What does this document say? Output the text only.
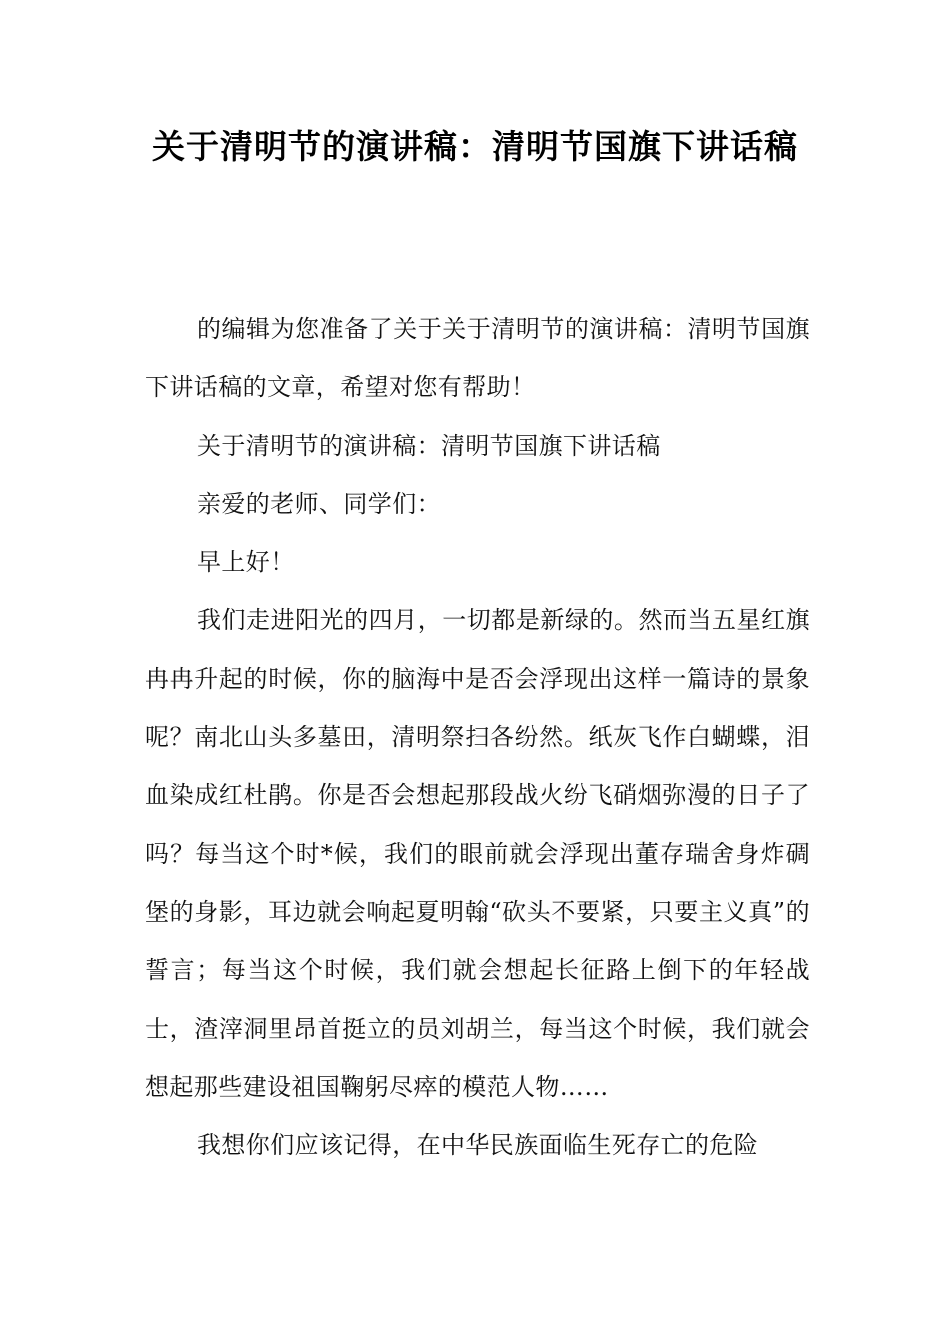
关于清明节的演讲稿：清明节国旗下讲话稿

的编辑为您准备了关于关于清明节的演讲稿：清明节国旗下讲话稿的文章，希望对您有帮助！

关于清明节的演讲稿：清明节国旗下讲话稿

亲爱的老师、同学们：

早上好！

我们走进阳光的四月，一切都是新绿的。然而当五星红旗冉冉升起的时候，你的脑海中是否会浮现出这样一篇诗的景象呢？南北山头多墓田，清明祭扫各纷然。纸灰飞作白蝴蝶，泪血染成红杜鹃。你是否会想起那段战火纷飞硝烟弥漫的日子了吗？每当这个时*候，我们的眼前就会浮现出董存瑞舍身炸碉堡的身影，耳边就会响起夏明翰“砍头不要紧，只要主义真”的誓言；每当这个时候，我们就会想起长征路上倒下的年轻战士，渣滓洞里昂首挺立的员刘胡兰，每当这个时候，我们就会想起那些建设祖国鞠躬尽瘁的模范人物……

我想你们应该记得，在中华民族面临生死存亡的危险
